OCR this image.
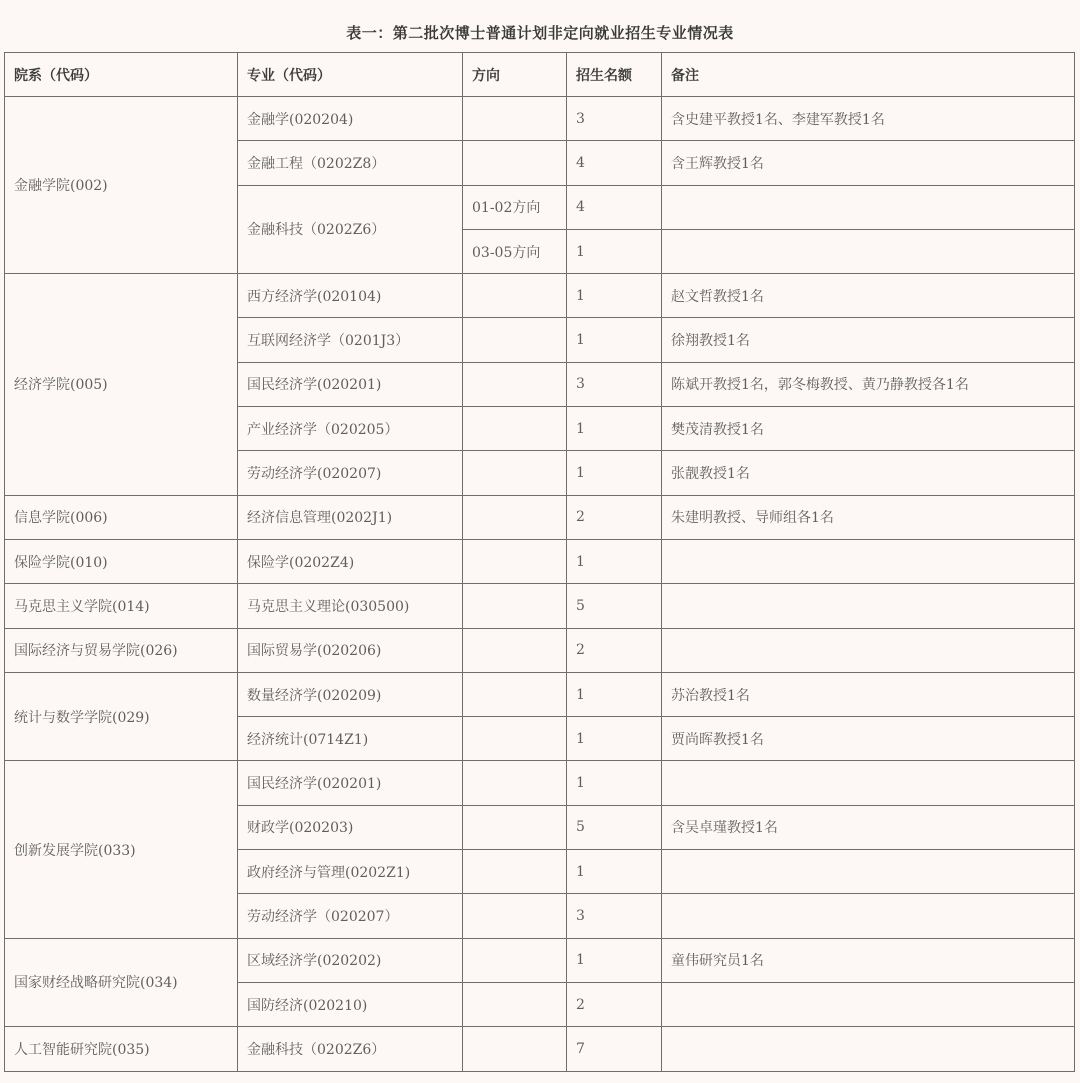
表一：第二批次博士普通计划非定向就业招生专业情况表
院系（代码）	专业（代码）	方向	招生名额	备注
金融学院(002)	金融学(020204)		3	含史建平教授1名、李建军教授1名
	金融工程（0202Z8）		4	含王辉教授1名
	金融科技（0202Z6）	01-02方向	4	
		03-05方向	1	
经济学院(005)	西方经济学(020104)		1	赵文哲教授1名
	互联网经济学（0201J3）		1	徐翔教授1名
	国民经济学(020201)		3	陈斌开教授1名，郭冬梅教授、黄乃静教授各1名
	产业经济学（020205）		1	樊茂清教授1名
	劳动经济学(020207)		1	张靓教授1名
信息学院(006)	经济信息管理(0202J1)		2	朱建明教授、导师组各1名
保险学院(010)	保险学(0202Z4)		1	
马克思主义学院(014)	马克思主义理论(030500)		5	
国际经济与贸易学院(026)	国际贸易学(020206)		2	
统计与数学学院(029)	数量经济学(020209)		1	苏治教授1名
	经济统计(0714Z1)		1	贾尚晖教授1名
创新发展学院(033)	国民经济学(020201)		1	
	财政学(020203)		5	含吴卓瑾教授1名
	政府经济与管理(0202Z1)		1	
	劳动经济学（020207）		3	
国家财经战略研究院(034)	区域经济学(020202)		1	童伟研究员1名
	国防经济(020210)		2	
人工智能研究院(035)	金融科技（0202Z6）		7	
